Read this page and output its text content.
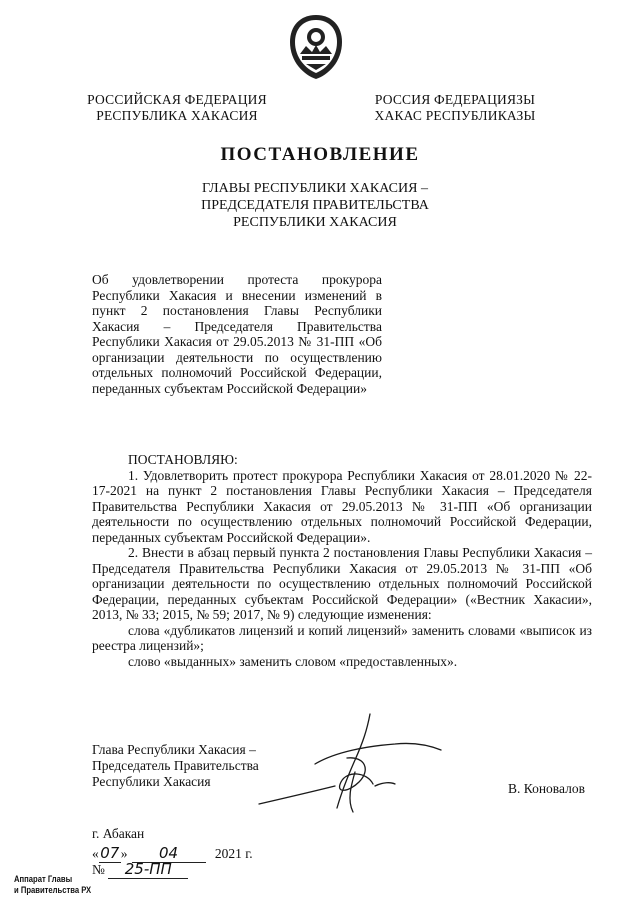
РОССИЙСКАЯ ФЕДЕРАЦИЯ
РЕСПУБЛИКА ХАКАСИЯ
РОССИЯ ФЕДЕРАЦИЯЗЫ
ХАКАС РЕСПУБЛИКАЗЫ
ПОСТАНОВЛЕНИЕ
ГЛАВЫ РЕСПУБЛИКИ ХАКАСИЯ –
ПРЕДСЕДАТЕЛЯ ПРАВИТЕЛЬСТВА
РЕСПУБЛИКИ ХАКАСИЯ
Об удовлетворении протеста прокурора Республики Хакасия и внесении изменений в пункт 2 постановления Главы Республики Хакасия – Председателя Правительства Республики Хакасия от 29.05.2013 № 31-ПП «Об организации деятельности по осуществлению отдельных полномочий Российской Федерации, переданных субъектам Российской Федерации»

ПОСТАНОВЛЯЮ:

1. Удовлетворить протест прокурора Республики Хакасия от 28.01.2020 № 22-17-2021 на пункт 2 постановления Главы Республики Хакасия – Председателя Правительства Республики Хакасия от 29.05.2013 № 31-ПП «Об организации деятельности по осуществлению отдельных полномочий Российской Федерации, переданных субъектам Российской Федерации».

2. Внести в абзац первый пункта 2 постановления Главы Республики Хакасия – Председателя Правительства Республики Хакасия от 29.05.2013 № 31-ПП «Об организации деятельности по осуществлению отдельных полномочий Российской Федерации, переданных субъектам Российской Федерации» («Вестник Хакасии», 2013, № 33; 2015, № 59; 2017, № 9) следующие изменения:

слова «дубликатов лицензий и копий лицензий» заменить словами «выписок из реестра лицензий»;

слово «выданных» заменить словом «предоставленных».

Глава Республики Хакасия –
Председатель Правительства
Республики Хакасия	В. Коновалов
г. Абакан
«07» 04	2021 г.
№ 25-ПП
Аппарат Главы
и Правительства РХ
